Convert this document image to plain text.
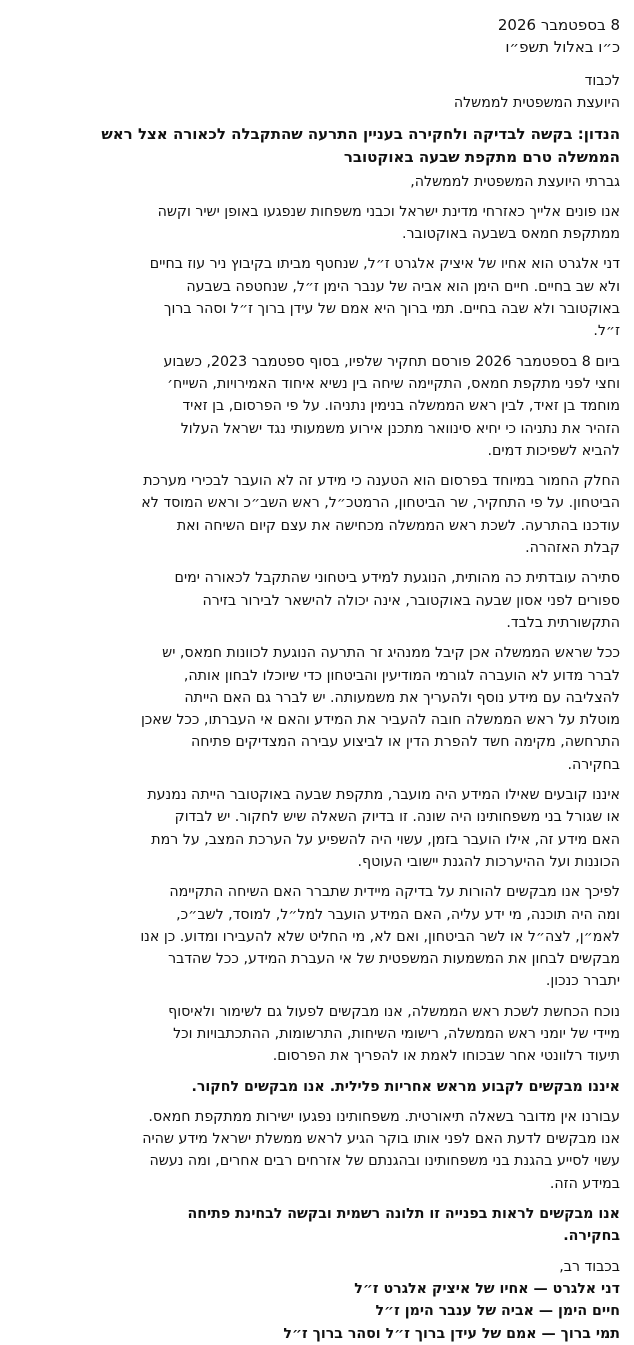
8 בספטמבר 2026
כ״ו באלול תשפ״ו
לכבוד
היועצת המשפטית לממשלה
הנדון: בקשה לבדיקה ולחקירה בעניין התרעה שהתקבלה לכאורה אצל ראש
הממשלה טרם מתקפת שבעה באוקטובר
גברתי היועצת המשפטית לממשלה,
אנו פונים אלייך כאזרחי מדינת ישראל וכבני משפחות שנפגעו באופן ישיר וקשה
ממתקפת חמאס בשבעה באוקטובר.
דני אלגרט הוא אחיו של איציק אלגרט ז״ל, שנחטף מביתו בקיבוץ ניר עוז בחיים
ולא שב בחיים. חיים הימן הוא אביה של ענבר הימן ז״ל, שנחטפה בשבעה
באוקטובר ולא שבה בחיים. תמי ברוך היא אמם של עידן ברוך ז״ל וסהר ברוך
ז״ל.
ביום 8 בספטמבר 2026 פורסם תחקיר שלפיו, בסוף ספטמבר 2023, כשבוע
וחצי לפני מתקפת חמאס, התקיימה שיחה בין נשיא איחוד האמירויות, השייח׳
מוחמד בן זאיד, לבין ראש הממשלה בנימין נתניהו. על פי הפרסום, בן זאיד
הזהיר את נתניהו כי יחיא סינוואר מתכנן אירוע משמעותי נגד ישראל העלול
להביא לשפיכות דמים.
החלק החמור במיוחד בפרסום הוא הטענה כי מידע זה לא הועבר לבכירי מערכת
הביטחון. על פי התחקיר, שר הביטחון, הרמטכ״ל, ראש השב״כ וראש המוסד לא
עודכנו בהתרעה. לשכת ראש הממשלה מכחישה את עצם קיום השיחה ואת
קבלת האזהרה.
סתירה עובדתית כה מהותית, הנוגעת למידע ביטחוני שהתקבל לכאורה ימים
ספורים לפני אסון שבעה באוקטובר, אינה יכולה להישאר לבירור בזירה
התקשורתית בלבד.
ככל שראש הממשלה אכן קיבל ממנהיג זר התרעה הנוגעת לכוונות חמאס, יש
לברר מדוע לא הועברה לגורמי המודיעין והביטחון כדי שיוכלו לבחון אותה,
להצליבה עם מידע נוסף ולהעריך את משמעותה. יש לברר גם האם הייתה
מוטלת על ראש הממשלה חובה להעביר את המידע והאם אי העברתו, ככל שאכן
התרחשה, מקימה חשד להפרת הדין או לביצוע עבירה המצדיקים פתיחה
בחקירה.
איננו קובעים שאילו המידע היה מועבר, מתקפת שבעה באוקטובר הייתה נמנעת
או שגורל בני משפחותינו היה שונה. זו בדיוק השאלה שיש לחקור. יש לבדוק
האם מידע זה, אילו הועבר בזמן, עשוי היה להשפיע על הערכת המצב, על רמת
הכוננות ועל ההיערכות להגנת יישובי העוטף.
לפיכך אנו מבקשים להורות על בדיקה מיידית שתברר האם השיחה התקיימה
ומה היה תוכנה, מי ידע עליה, האם המידע הועבר למל״ל, למוסד, לשב״כ,
לאמ״ן, לצה״ל או לשר הביטחון, ואם לא, מי החליט שלא להעבירו ומדוע. כן אנו
מבקשים לבחון את המשמעות המשפטית של אי העברת המידע, ככל שהדבר
יתברר כנכון.
נוכח הכחשת לשכת ראש הממשלה, אנו מבקשים לפעול גם לשימור ולאיסוף
מיידי של יומני ראש הממשלה, רישומי השיחות, התרשומות, ההתכתבויות וכל
תיעוד רלוונטי אחר שבכוחו לאמת או להפריך את הפרסום.
איננו מבקשים לקבוע מראש אחריות פלילית. אנו מבקשים לחקור.
עבורנו אין מדובר בשאלה תיאורטית. משפחותינו נפגעו ישירות ממתקפת חמאס.
אנו מבקשים לדעת האם לפני אותו בוקר הגיע לראש ממשלת ישראל מידע שהיה
עשוי לסייע בהגנת בני משפחותינו ובהגנתם של אזרחים רבים אחרים, ומה נעשה
במידע הזה.
אנו מבקשים לראות בפנייה זו תלונה רשמית ובקשה לבחינת פתיחה
בחקירה.
בכבוד רב,
דני אלגרט — אחיו של איציק אלגרט ז״ל
חיים הימן — אביה של ענבר הימן ז״ל
תמי ברוך — אמם של עידן ברוך ז״ל וסהר ברוך ז״ל
